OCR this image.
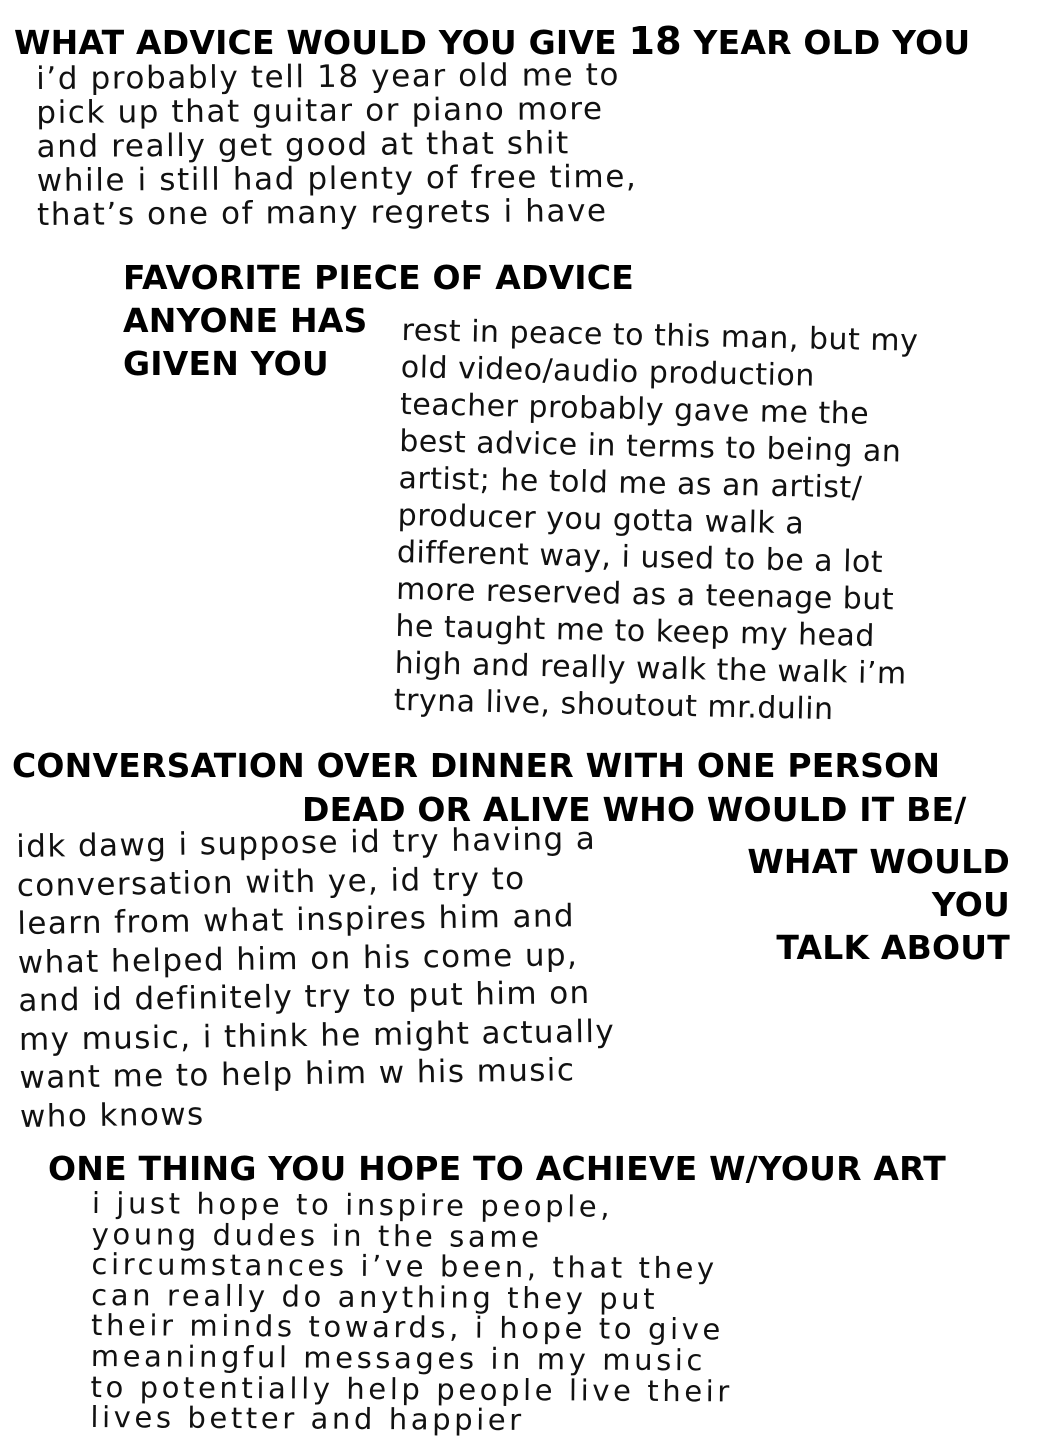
WHAT ADVICE WOULD YOU GIVE 18 YEAR OLD YOU
i’d probably tell 18 year old me to
pick up that guitar or piano more
and really get good at that shit
while i still had plenty of free time,
that’s one of many regrets i have
FAVORITE PIECE OF ADVICE
ANYONE HAS
GIVEN YOU
rest in peace to this man, but my
old video/audio production
teacher probably gave me the
best advice in terms to being an
artist; he told me as an artist/
producer you gotta walk a
different way, i used to be a lot
more reserved as a teenage but
he taught me to keep my head
high and really walk the walk i’m
tryna live, shoutout mr.dulin
CONVERSATION OVER DINNER WITH ONE PERSON
DEAD OR ALIVE WHO WOULD IT BE/
WHAT WOULD
YOU
TALK ABOUT
idk dawg i suppose id try having a
conversation with ye, id try to
learn from what inspires him and
what helped him on his come up,
and id definitely try to put him on
my music, i think he might actually
want me to help him w his music
who knows
ONE THING YOU HOPE TO ACHIEVE W/YOUR ART
i just hope to inspire people,
young dudes in the same
circumstances i’ve been, that they
can really do anything they put
their minds towards, i hope to give
meaningful messages in my music
to potentially help people live their
lives better and happier
